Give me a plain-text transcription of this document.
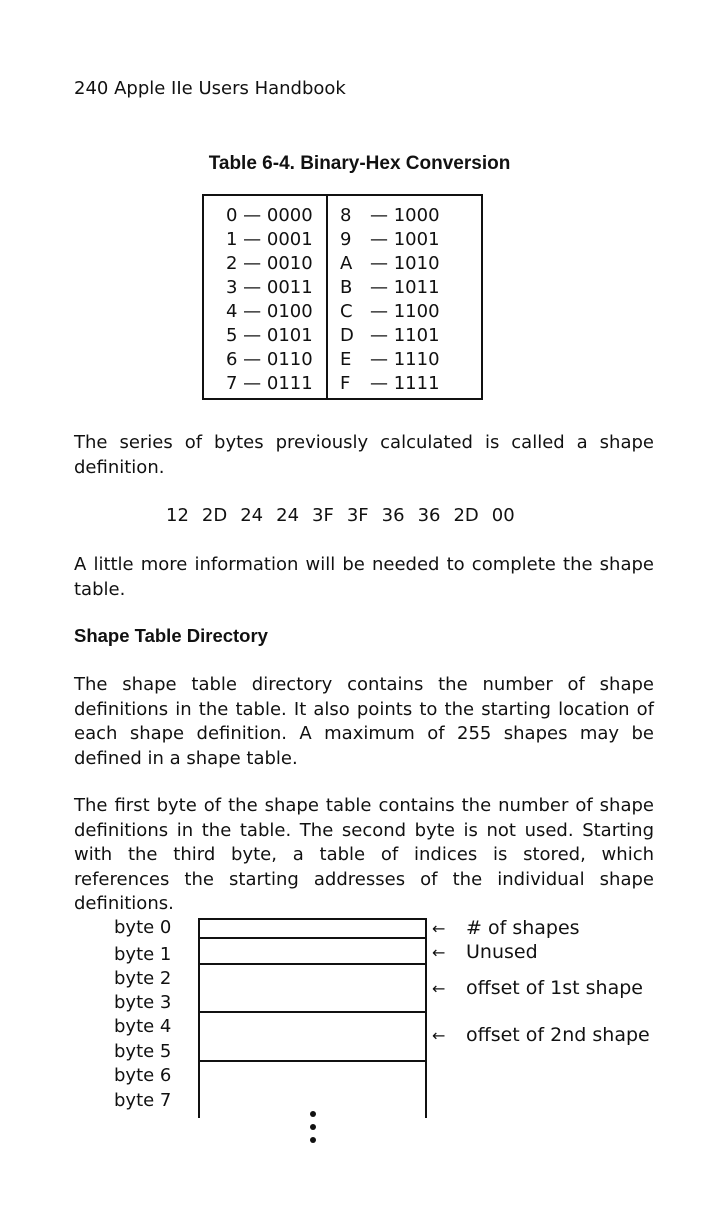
240 Apple IIe Users Handbook
Table 6-4. Binary-Hex Conversion
0 — 0000	8 — 1000
1 — 0001	9 — 1001
2 — 0010	A — 1010
3 — 0011	B — 1011
4 — 0100	C — 1100
5 — 0101	D — 1101
6 — 0110	E — 1110
7 — 0111	F — 1111
The series of bytes previously calculated is called a shape definition.
12 2D 24 24 3F 3F 36 36 2D 00
A little more information will be needed to complete the shape table.
Shape Table Directory
The shape table directory contains the number of shape definitions in the table. It also points to the starting location of each shape definition. A maximum of 255 shapes may be defined in a shape table.
The first byte of the shape table contains the number of shape definitions in the table. The second byte is not used. Starting with the third byte, a table of indices is stored, which references the starting addresses of the individual shape definitions.
byte 0
byte 1
byte 2
byte 3
byte 4
byte 5
byte 6
byte 7
← # of shapes
← Unused
← offset of 1st shape
← offset of 2nd shape
